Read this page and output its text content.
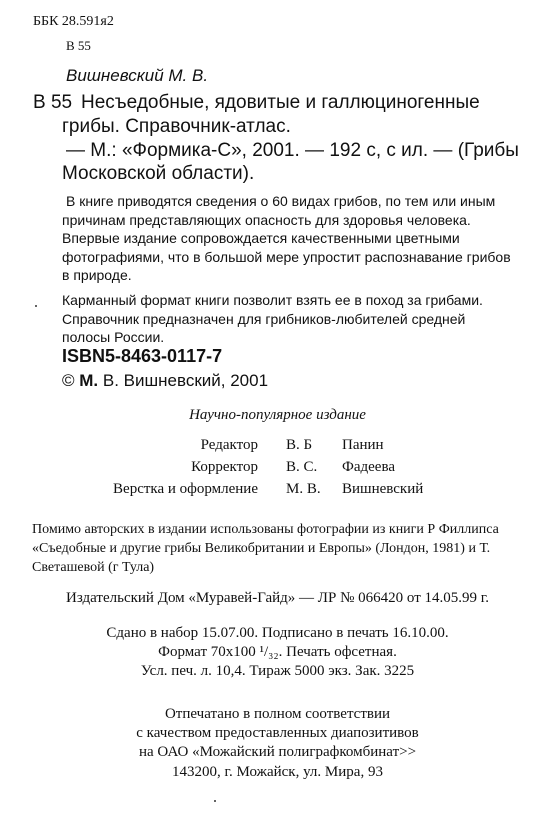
ББК 28.591я2
В 55
Вишневский М. В.
В 55 Несъедобные, ядовитые и галлюциногенные
грибы. Справочник-атлас.
— М.: «Формика-С», 2001. — 192 с, с ил. — (Грибы
Московской области).
В книге приводятся сведения о 60 видах грибов, по тем или иным причинам представляющих опасность для здоровья человека. Впервые издание сопровождается качественными цветными фотографиями, что в большой мере упростит распознавание грибов в природе.
Карманный формат книги позволит взять ее в поход за грибами. Справочник предназначен для грибников-любителей средней полосы России.
ISBN5-8463-0117-7
© М. В. Вишневский, 2001
Научно-популярное издание
Редактор В. Б Панин
Корректор В. С. Фадеева
Верстка и оформление М. В. Вишневский
Помимо авторских в издании использованы фотографии из книги Р Филлипса «Съедобные и другие грибы Великобритании и Европы» (Лондон, 1981) и Т. Светашевой (г Тула)
Издательский Дом «Муравей-Гайд» — ЛР № 066420 от 14.05.99 г.
Сдано в набор 15.07.00. Подписано в печать 16.10.00.
Формат 70x100 ¹/₃₂. Печать офсетная.
Усл. печ. л. 10,4. Тираж 5000 экз. Зак. 3225
Отпечатано в полном соответствии
с качеством предоставленных диапозитивов
на ОАО «Можайский полиграфкомбинат>>
143200, г. Можайск, ул. Мира, 93
